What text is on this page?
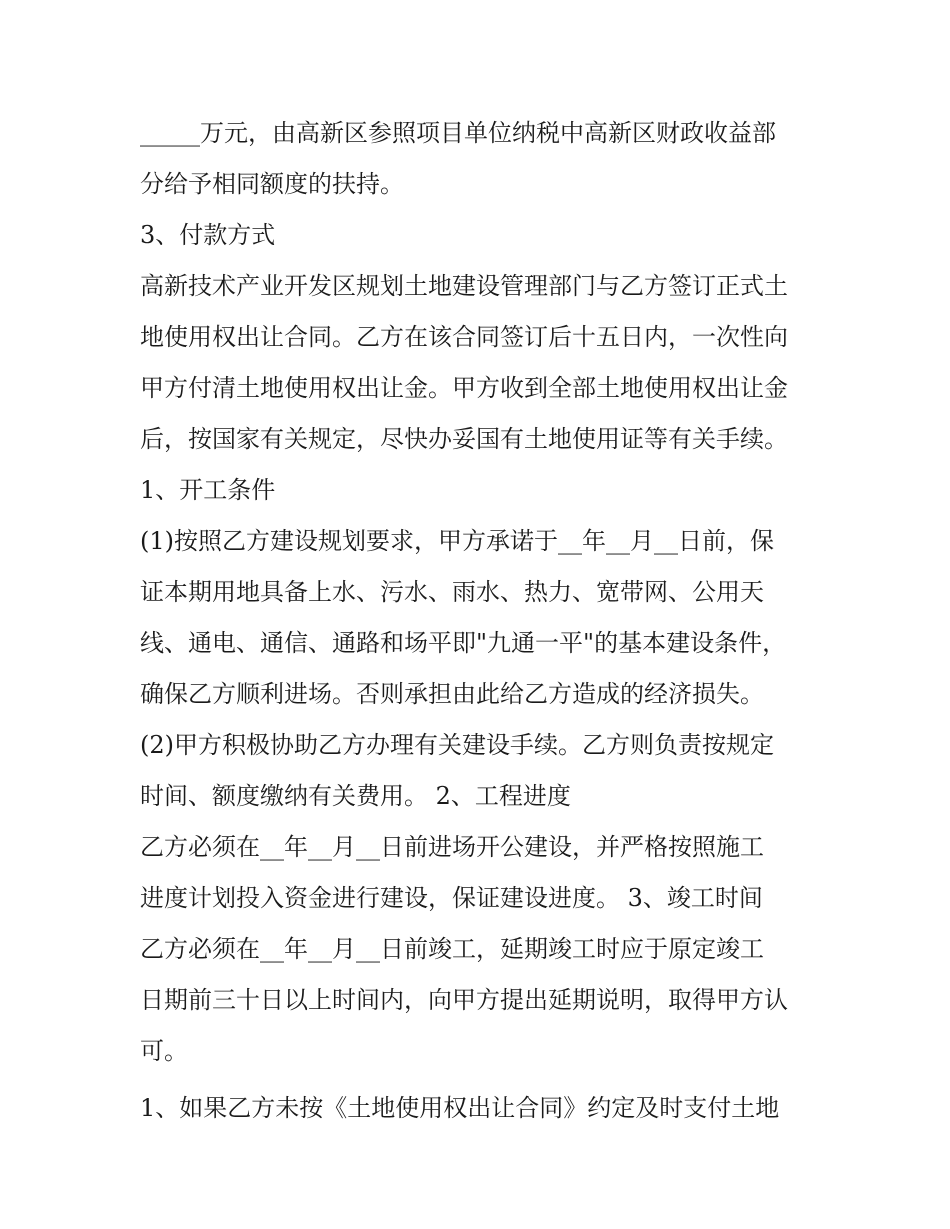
_____万元，由高新区参照项目单位纳税中高新区财政收益部
分给予相同额度的扶持。
3、付款方式
高新技术产业开发区规划土地建设管理部门与乙方签订正式土
地使用权出让合同。乙方在该合同签订后十五日内，一次性向
甲方付清土地使用权出让金。甲方收到全部土地使用权出让金
后，按国家有关规定，尽快办妥国有土地使用证等有关手续。
1、开工条件
(1)按照乙方建设规划要求，甲方承诺于__年__月__日前，保
证本期用地具备上水、污水、雨水、热力、宽带网、公用天
线、通电、通信、通路和场平即"九通一平"的基本建设条件，
确保乙方顺利进场。否则承担由此给乙方造成的经济损失。
(2)甲方积极协助乙方办理有关建设手续。乙方则负责按规定
时间、额度缴纳有关费用。 2、工程进度
乙方必须在__年__月__日前进场开公建设，并严格按照施工
进度计划投入资金进行建设，保证建设进度。 3、竣工时间
乙方必须在__年__月__日前竣工，延期竣工时应于原定竣工
日期前三十日以上时间内，向甲方提出延期说明，取得甲方认
可。
1、如果乙方未按《土地使用权出让合同》约定及时支付土地
